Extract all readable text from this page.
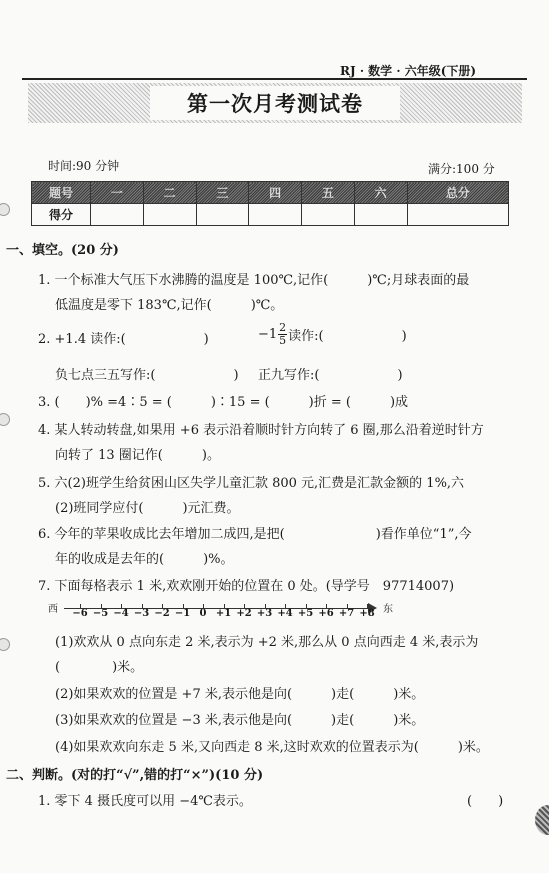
RJ · 数学 · 六年级(下册)
第一次月考测试卷
时间:90 分钟	满分:100 分
题号	一	二	三	四	五	六	总分
得分							
一、填空。(20 分)
1. 一个标准大气压下水沸腾的温度是 100℃,记作(　　　)℃;月球表面的最
低温度是零下 183℃,记作(　　　)℃。
2. +1.4 读作:(　　　　　　)	$-1 \frac{2}{5}$ 读作:(　　　　　　)
负七点三五写作:(　　　　　　) 正九写作:(　　　　　　)
3. (　　)% =4∶5 = (　　　)∶15 = (　　　)折 = (　　　)成
4. 某人转动转盘,如果用 +6 表示沿着顺时针方向转了 6 圈,那么沿着逆时针方
向转了 13 圈记作(　　　)。
5. 六(2)班学生给贫困山区失学儿童汇款 800 元,汇费是汇款金额的 1%,六
(2)班同学应付(　　　)元汇费。
6. 今年的苹果收成比去年增加二成四,是把(　　　　　　　)看作单位“1”,今
年的收成是去年的(　　　)%。
7. 下面每格表示 1 米,欢欢刚开始的位置在 0 处。(导学号　97714007)
西	东
−6 −5 −4 −3 −2 −1 0 +1 +2 +3 +4 +5 +6 +7 +8
(1)欢欢从 0 点向东走 2 米,表示为 +2 米,那么从 0 点向西走 4 米,表示为
(　　　　)米。
(2)如果欢欢的位置是 +7 米,表示他是向(　　　)走(　　　)米。
(3)如果欢欢的位置是 −3 米,表示他是向(　　　)走(　　　)米。
(4)如果欢欢向东走 5 米,又向西走 8 米,这时欢欢的位置表示为(　　　)米。
二、判断。(对的打“√”,错的打“×”)(10 分)
1. 零下 4 摄氏度可以用 −4℃表示。	(　　)
